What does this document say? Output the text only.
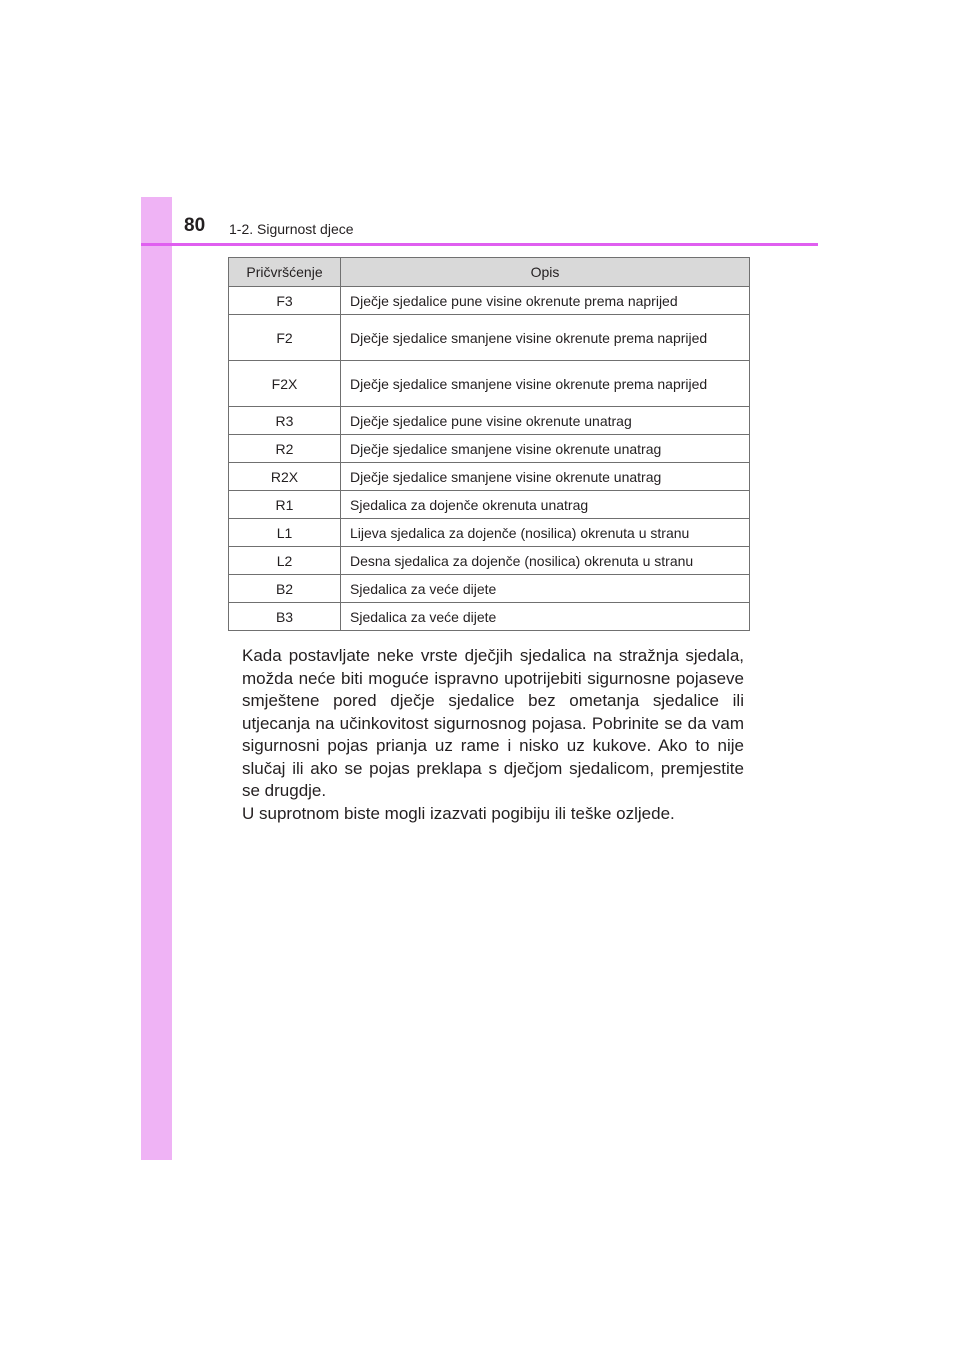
80 1-2. Sigurnost djece
Pričvršćenje	Opis
F3	Dječje sjedalice pune visine okrenute prema naprijed
F2	Dječje sjedalice smanjene visine okrenute prema naprijed

F2X	Dječje sjedalice smanjene visine okrenute prema naprijed

R3	Dječje sjedalice pune visine okrenute unatrag
R2	Dječje sjedalice smanjene visine okrenute unatrag
R2X	Dječje sjedalice smanjene visine okrenute unatrag
R1	Sjedalica za dojenče okrenuta unatrag
L1	Lijeva sjedalica za dojenče (nosilica) okrenuta u stranu
L2	Desna sjedalica za dojenče (nosilica) okrenuta u stranu
B2	Sjedalica za veće dijete
B3	Sjedalica za veće dijete

Kada postavljate neke vrste dječjih sjedalica na stražnja sjedala, možda neće biti moguće ispravno upotrijebiti sigurnosne pojaseve smještene pored dječje sjedalice bez ometanja sjedalice ili utjecanja na učinkovitost sigurnosnog pojasa. Pobrinite se da vam sigurnosni pojas prianja uz rame i nisko uz kukove. Ako to nije slučaj ili ako se pojas preklapa s dječjom sjedalicom, premjestite se drugdje.

U suprotnom biste mogli izazvati pogibiju ili teške ozljede.
